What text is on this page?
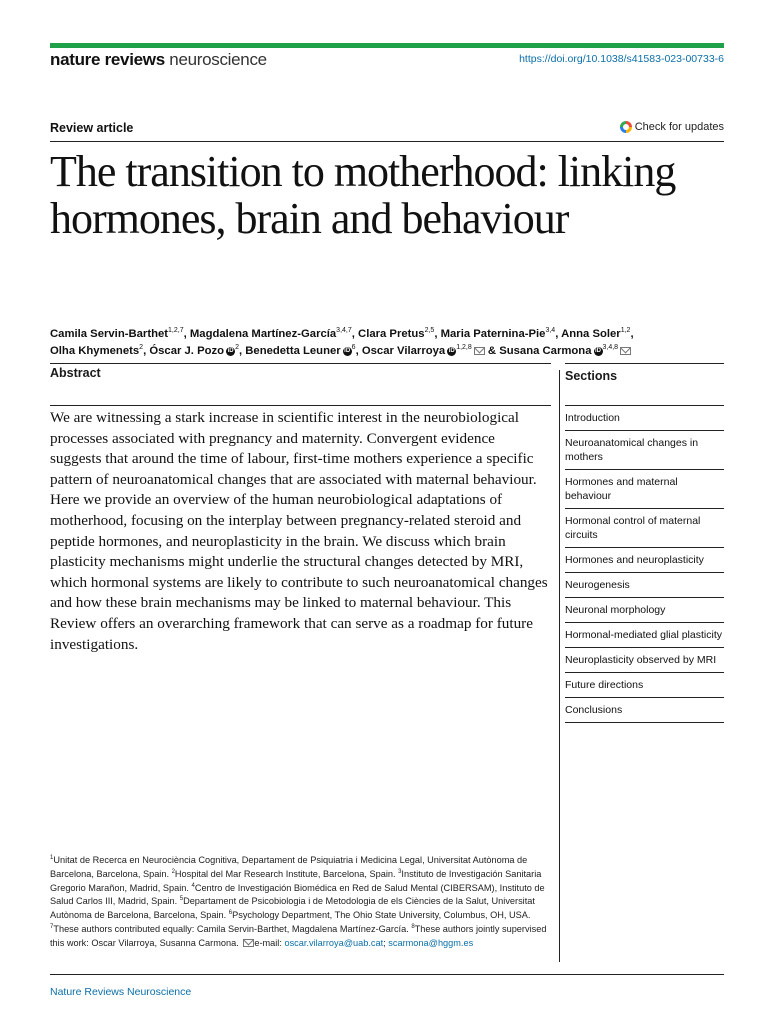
nature reviews neuroscience	https://doi.org/10.1038/s41583-023-00733-6
Review article	Check for updates
The transition to motherhood: linking hormones, brain and behaviour
Camila Servin-Barthet$^{1,2,7}$, Magdalena Martínez-García$^{3,4,7}$, Clara Pretus$^{2,5}$, Maria Paternina-Pie$^{3,4}$, Anna Soler$^{1,2}$,
Olha Khymenets$^2$, Óscar J. Pozo iD $^2$, Benedetta Leuner iD $^6$, Oscar Vilarroya iD $^{1,2,8}$ & Susana Carmona iD $^{3,4,8}$
Abstract

We are witnessing a stark increase in scientific interest in the neurobiological processes associated with pregnancy and maternity. Convergent evidence suggests that around the time of labour, first-time mothers experience a specific pattern of neuroanatomical changes that are associated with maternal behaviour. Here we provide an overview of the human neurobiological adaptations of motherhood, focusing on the interplay between pregnancy-related steroid and peptide hormones, and neuroplasticity in the brain. We discuss which brain plasticity mechanisms might underlie the structural changes detected by MRI, which hormonal systems are likely to contribute to such neuroanatomical changes and how these brain mechanisms may be linked to maternal behaviour. This Review offers an overarching framework that can serve as a roadmap for future investigations.

Sections
Introduction
Neuroanatomical changes in mothers
Hormones and maternal behaviour
Hormonal control of maternal circuits
Hormones and neuroplasticity
Neurogenesis
Neuronal morphology
Hormonal-mediated glial plasticity
Neuroplasticity observed by MRI
Future directions
Conclusions
$^1$Unitat de Recerca en Neurociència Cognitiva, Departament de Psiquiatria i Medicina Legal, Universitat Autònoma de Barcelona, Barcelona, Spain. $^2$Hospital del Mar Research Institute, Barcelona, Spain. $^3$Instituto de Investigación Sanitaria Gregorio Marañon, Madrid, Spain. $^4$Centro de Investigación Biomédica en Red de Salud Mental (CIBERSAM), Instituto de Salud Carlos III, Madrid, Spain. $^5$Departament de Psicobiologia i de Metodologia de els Ciències de la Salut, Universitat Autònoma de Barcelona, Barcelona, Spain. $^6$Psychology Department, The Ohio State University, Columbus, OH, USA. $^7$These authors contributed equally: Camila Servin-Barthet, Magdalena Martínez-García. $^8$These authors jointly supervised this work: Oscar Vilarroya, Susanna Carmona. e-mail: oscar.vilarroya@uab.cat; scarmona@hggm.es
Nature Reviews Neuroscience
